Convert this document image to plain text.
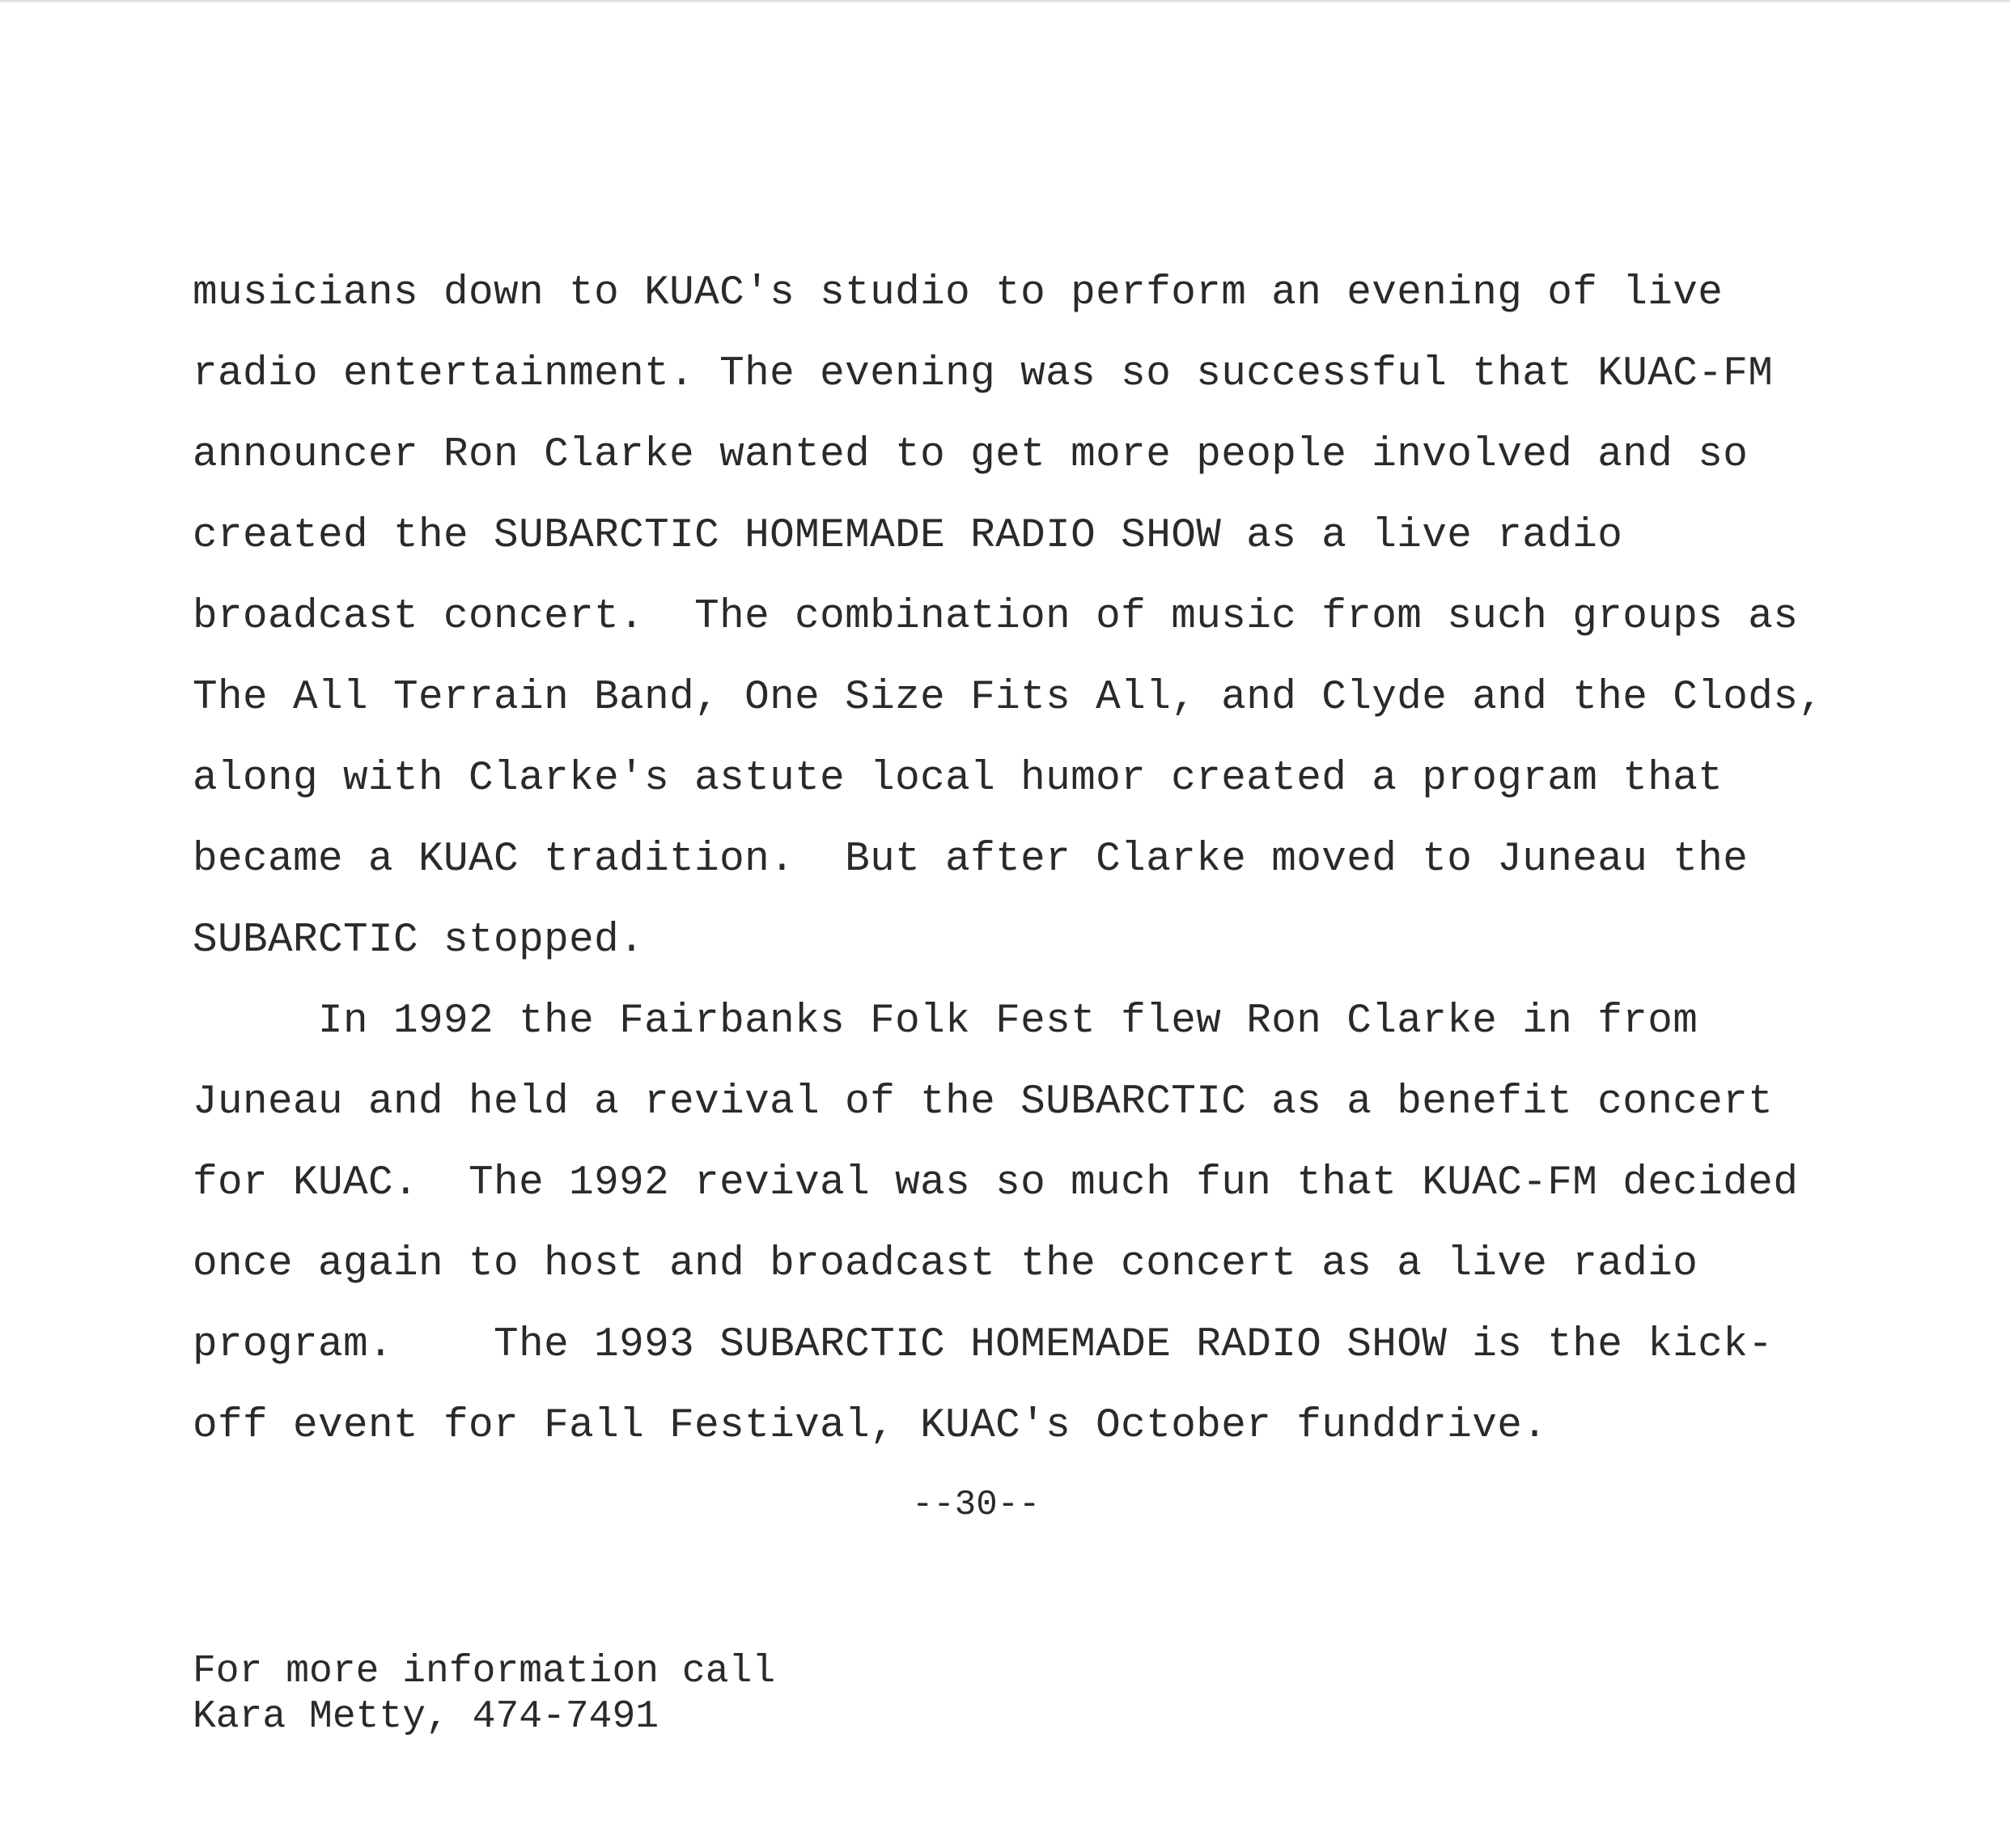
musicians down to KUAC's studio to perform an evening of live
radio entertainment. The evening was so successful that KUAC-FM
announcer Ron Clarke wanted to get more people involved and so
created the SUBARCTIC HOMEMADE RADIO SHOW as a live radio
broadcast concert.  The combination of music from such groups as
The All Terrain Band, One Size Fits All, and Clyde and the Clods,
along with Clarke's astute local humor created a program that
became a KUAC tradition.  But after Clarke moved to Juneau the
SUBARCTIC stopped.
In 1992 the Fairbanks Folk Fest flew Ron Clarke in from
Juneau and held a revival of the SUBARCTIC as a benefit concert
for KUAC.  The 1992 revival was so much fun that KUAC-FM decided
once again to host and broadcast the concert as a live radio
program.    The 1993 SUBARCTIC HOMEMADE RADIO SHOW is the kick-
off event for Fall Festival, KUAC's October funddrive.
--30--
For more information call
Kara Metty, 474-7491
